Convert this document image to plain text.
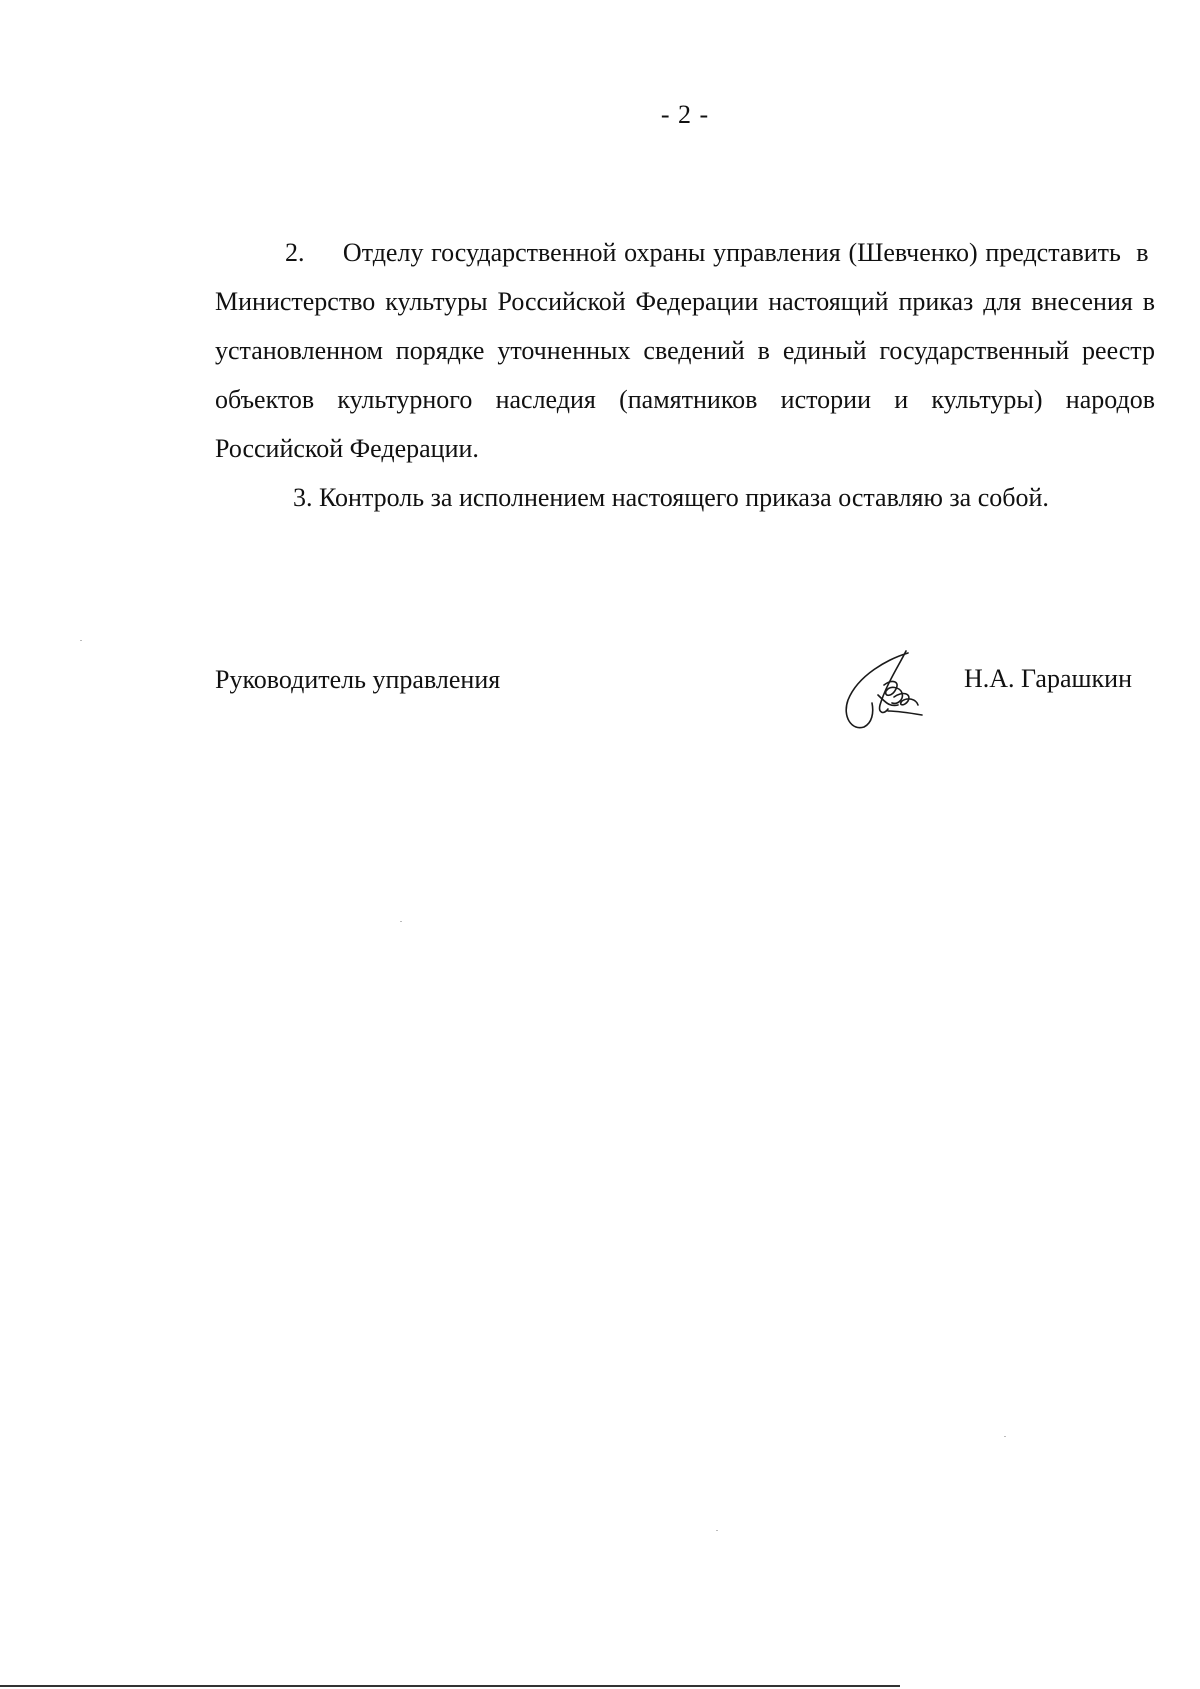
- 2 -

2.     Отделу государственной охраны управления (Шевченко) представить  в  Министерство культуры Российской Федерации настоящий приказ для внесения в установленном порядке уточненных сведений в единый государственный реестр объектов культурного наследия (памятников истории и культуры) народов Российской Федерации.

3. Контроль за исполнением настоящего приказа оставляю за собой.

Руководитель управления	Н.А. Гарашкин
